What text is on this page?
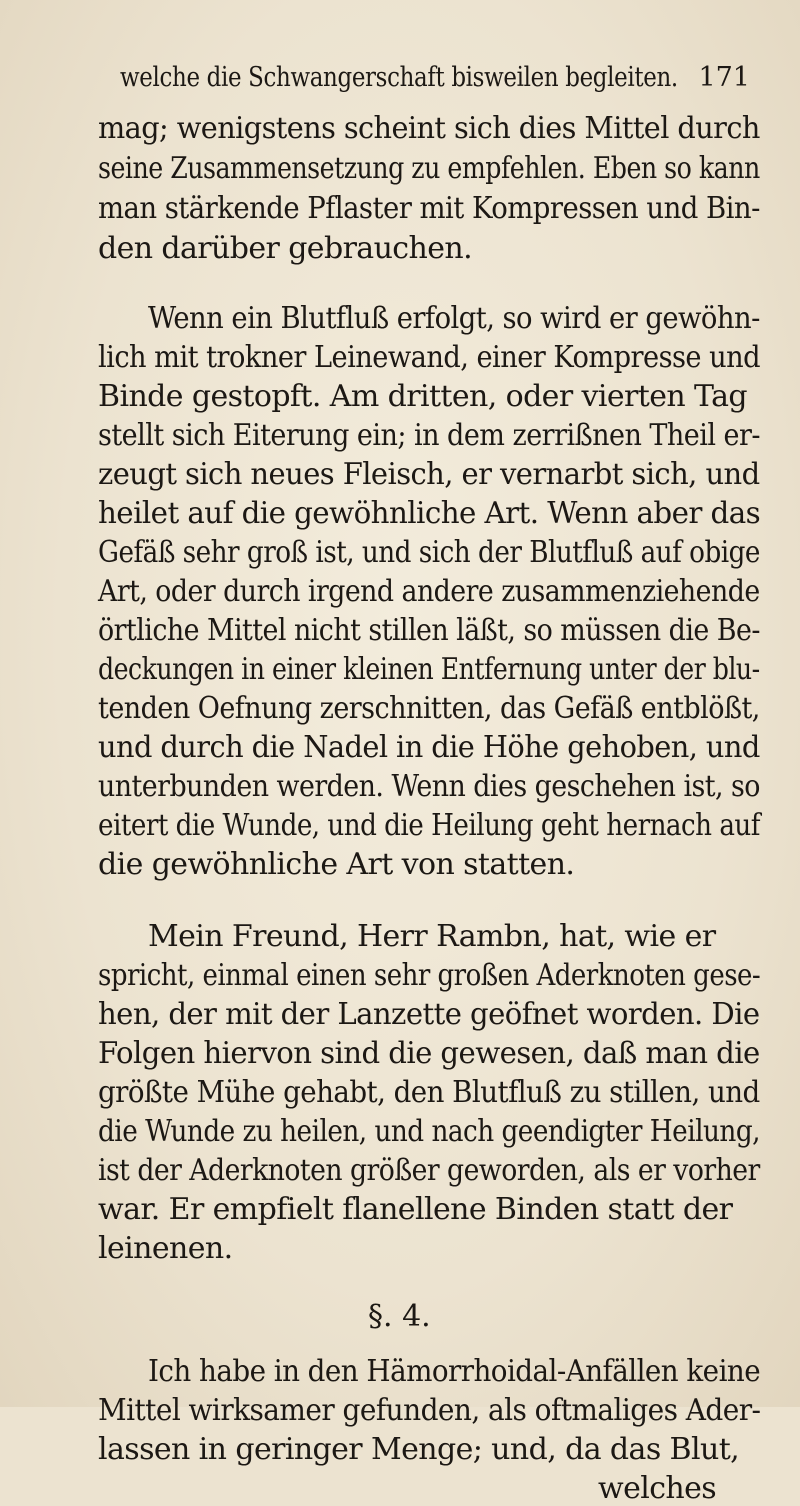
welche die Schwangerschaft bisweilen begleiten. 171
mag; wenigstens scheint sich dies Mittel durch
seine Zusammensetzung zu empfehlen. Eben so kann
man stärkende Pflaster mit Kompressen und Bin-
den darüber gebrauchen.
Wenn ein Blutfluß erfolgt, so wird er gewöhn-
lich mit trokner Leinewand, einer Kompresse und
Binde gestopft. Am dritten, oder vierten Tag
stellt sich Eiterung ein; in dem zerrißnen Theil er-
zeugt sich neues Fleisch, er vernarbt sich, und
heilet auf die gewöhnliche Art. Wenn aber das
Gefäß sehr groß ist, und sich der Blutfluß auf obige
Art, oder durch irgend andere zusammenziehende
örtliche Mittel nicht stillen läßt, so müssen die Be-
deckungen in einer kleinen Entfernung unter der blu-
tenden Oefnung zerschnitten, das Gefäß entblößt,
und durch die Nadel in die Höhe gehoben, und
unterbunden werden. Wenn dies geschehen ist, so
eitert die Wunde, und die Heilung geht hernach auf
die gewöhnliche Art von statten.
Mein Freund, Herr Rambn, hat, wie er
spricht, einmal einen sehr großen Aderknoten gese-
hen, der mit der Lanzette geöfnet worden. Die
Folgen hiervon sind die gewesen, daß man die
größte Mühe gehabt, den Blutfluß zu stillen, und
die Wunde zu heilen, und nach geendigter Heilung,
ist der Aderknoten größer geworden, als er vorher
war. Er empfielt flanellene Binden statt der
leinenen.
§. 4.
Ich habe in den Hämorrhoidal-Anfällen keine
Mittel wirksamer gefunden, als oftmaliges Ader-
lassen in geringer Menge; und, da das Blut,
welches
